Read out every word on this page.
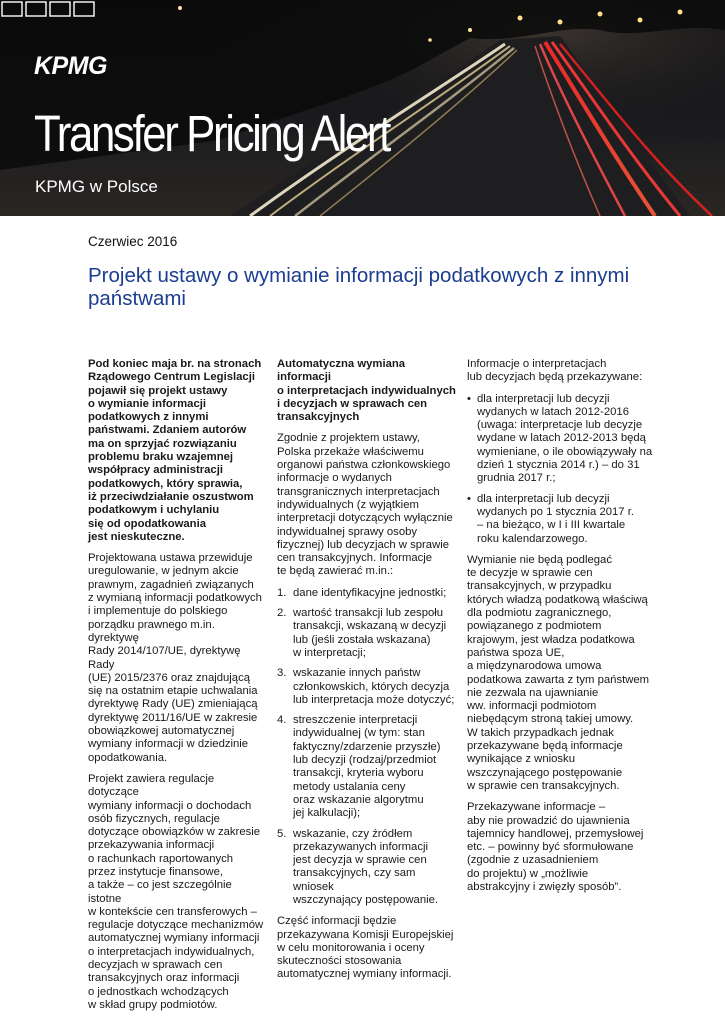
KPMG
Transfer Pricing Alert
KPMG w Polsce
Czerwiec 2016
Projekt ustawy o wymianie informacji podatkowych z innymi państwami

Pod koniec maja br. na stronach
Rządowego Centrum Legislacji
pojawił się projekt ustawy
o wymianie informacji
podatkowych z innymi
państwami. Zdaniem autorów
ma on sprzyjać rozwiązaniu
problemu braku wzajemnej
współpracy administracji
podatkowych, który sprawia,
iż przeciwdziałanie oszustwom
podatkowym i uchylaniu
się od opodatkowania
jest nieskuteczne.

Projektowana ustawa przewiduje
uregulowanie, w jednym akcie
prawnym, zagadnień związanych
z wymianą informacji podatkowych
i implementuje do polskiego
porządku prawnego m.in. dyrektywę
Rady 2014/107/UE, dyrektywę Rady
(UE) 2015/2376 oraz znajdującą
się na ostatnim etapie uchwalania
dyrektywę Rady (UE) zmieniającą
dyrektywę 2011/16/UE w zakresie
obowiązkowej automatycznej
wymiany informacji w dziedzinie
opodatkowania.

Projekt zawiera regulacje dotyczące
wymiany informacji o dochodach
osób fizycznych, regulacje
dotyczące obowiązków w zakresie
przekazywania informacji
o rachunkach raportowanych
przez instytucje finansowe,
a także – co jest szczególnie istotne
w kontekście cen transferowych –
regulacje dotyczące mechanizmów
automatycznej wymiany informacji
o interpretacjach indywidualnych,
decyzjach w sprawach cen
transakcyjnych oraz informacji
o jednostkach wchodzących
w skład grupy podmiotów.

Automatyczna wymiana informacji
o interpretacjach indywidualnych
i decyzjach w sprawach cen
transakcyjnych

Zgodnie z projektem ustawy,
Polska przekaże właściwemu
organowi państwa członkowskiego
informacje o wydanych
transgranicznych interpretacjach
indywidualnych (z wyjątkiem
interpretacji dotyczących wyłącznie
indywidualnej sprawy osoby
fizycznej) lub decyzjach w sprawie
cen transakcyjnych. Informacje
te będą zawierać m.in.:

1. dane identyfikacyjne jednostki;
2. wartość transakcji lub zespołu
transakcji, wskazaną w decyzji
lub (jeśli została wskazana)
w interpretacji;
3. wskazanie innych państw
członkowskich, których decyzja
lub interpretacja może dotyczyć;
4. streszczenie interpretacji
indywidualnej (w tym: stan
faktyczny/zdarzenie przyszłe)
lub decyzji (rodzaj/przedmiot
transakcji, kryteria wyboru
metody ustalania ceny
oraz wskazanie algorytmu
jej kalkulacji);
5. wskazanie, czy źródłem
przekazywanych informacji
jest decyzja w sprawie cen
transakcyjnych, czy sam wniosek
wszczynający postępowanie.

Część informacji będzie
przekazywana Komisji Europejskiej
w celu monitorowania i oceny
skuteczności stosowania
automatycznej wymiany informacji.

Informacje o interpretacjach
lub decyzjach będą przekazywane:

• dla interpretacji lub decyzji
wydanych w latach 2012-2016
(uwaga: interpretacje lub decyzje
wydane w latach 2012-2013 będą
wymieniane, o ile obowiązywały na
dzień 1 stycznia 2014 r.) – do 31
grudnia 2017 r.;
• dla interpretacji lub decyzji
wydanych po 1 stycznia 2017 r.
– na bieżąco, w I i III kwartale
roku kalendarzowego.

Wymianie nie będą podlegać
te decyzje w sprawie cen
transakcyjnych, w przypadku
których władzą podatkową właściwą
dla podmiotu zagranicznego,
powiązanego z podmiotem
krajowym, jest władza podatkowa
państwa spoza UE,
a międzynarodowa umowa
podatkowa zawarta z tym państwem
nie zezwala na ujawnianie
ww. informacji podmiotom
niebędącym stroną takiej umowy.
W takich przypadkach jednak
przekazywane będą informacje
wynikające z wniosku
wszczynającego postępowanie
w sprawie cen transakcyjnych.

Przekazywane informacje –
aby nie prowadzić do ujawnienia
tajemnicy handlowej, przemysłowej
etc. – powinny być sformułowane
(zgodnie z uzasadnieniem
do projektu) w „możliwie
abstrakcyjny i zwięzły sposób”.
